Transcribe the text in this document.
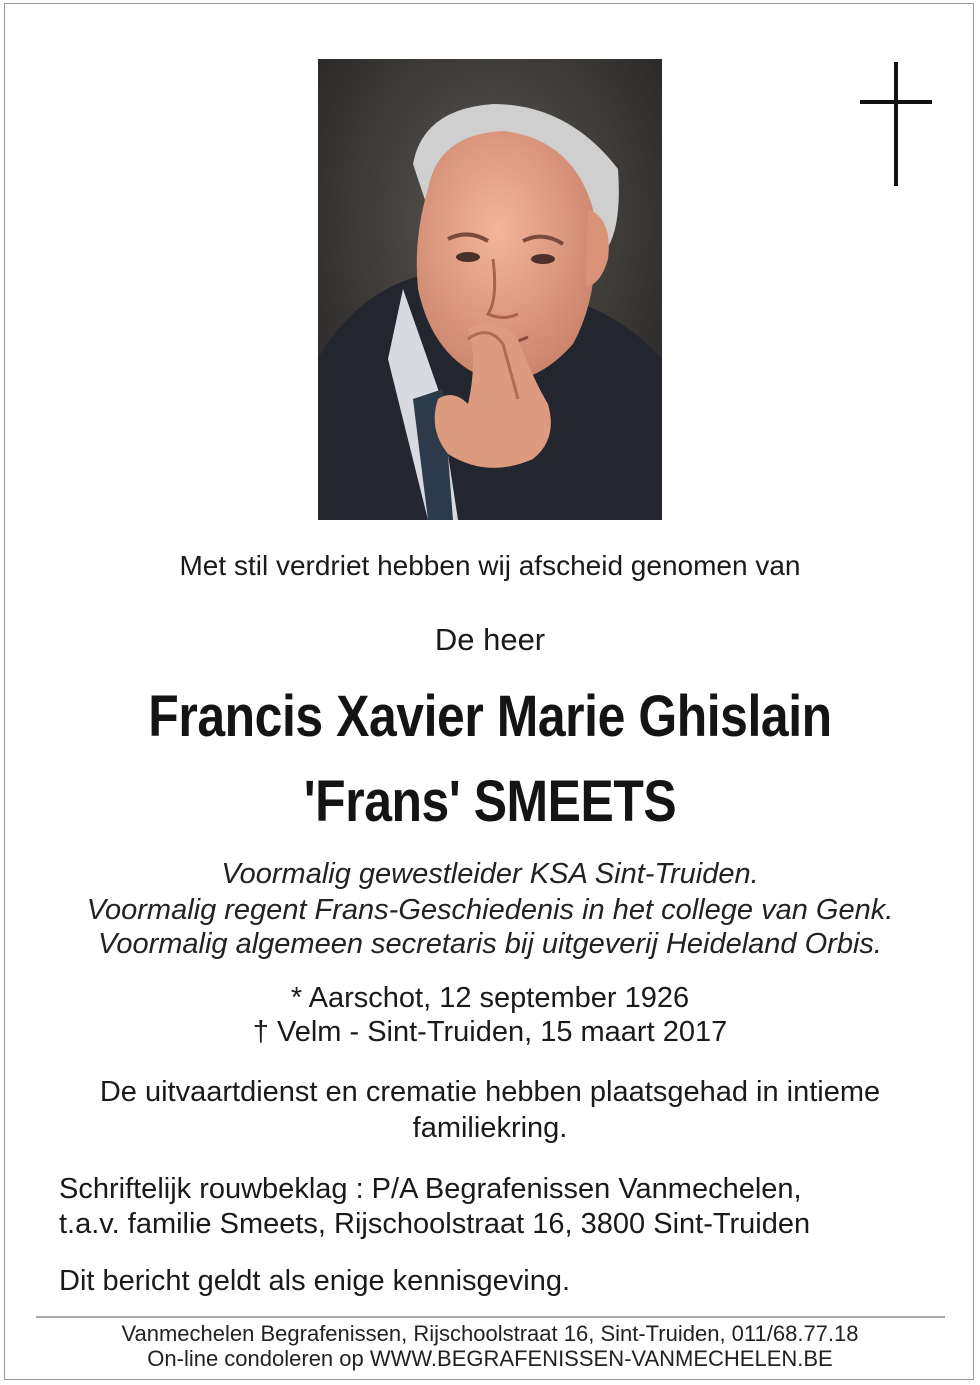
Met stil verdriet hebben wij afscheid genomen van
De heer
Francis Xavier Marie Ghislain
'Frans' SMEETS
Voormalig gewestleider KSA Sint-Truiden.
Voormalig regent Frans-Geschiedenis in het college van Genk.
Voormalig algemeen secretaris bij uitgeverij Heideland Orbis.
* Aarschot, 12 september 1926
† Velm - Sint-Truiden, 15 maart 2017
De uitvaartdienst en crematie hebben plaatsgehad in intieme
familiekring.
Schriftelijk rouwbeklag : P/A Begrafenissen Vanmechelen,
t.a.v. familie Smeets, Rijschoolstraat 16, 3800 Sint-Truiden
Dit bericht geldt als enige kennisgeving.
Vanmechelen Begrafenissen, Rijschoolstraat 16, Sint-Truiden, 011/68.77.18
On-line condoleren op WWW.BEGRAFENISSEN-VANMECHELEN.BE
